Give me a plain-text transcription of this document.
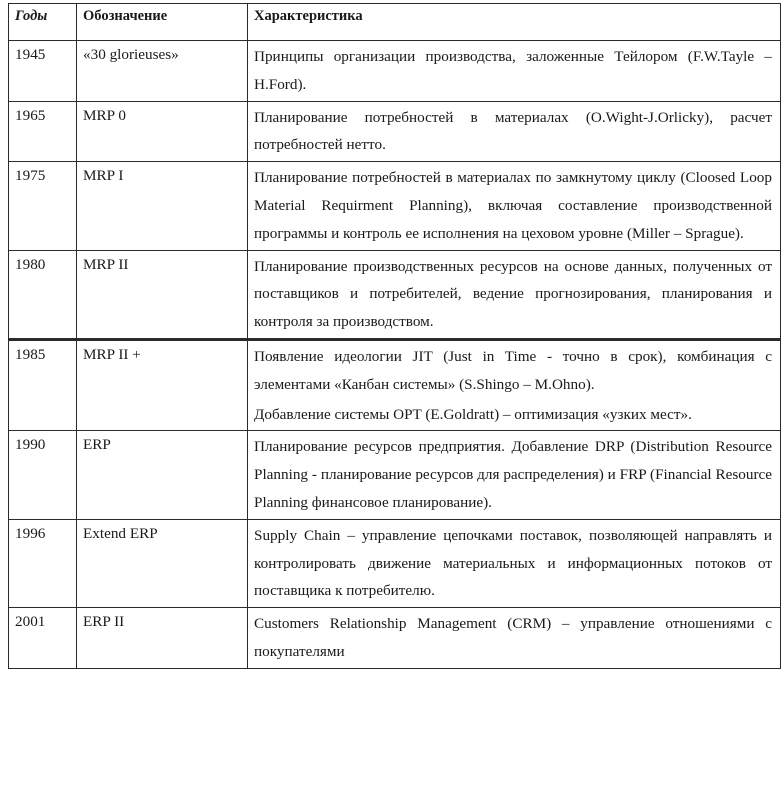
Годы	Обозначение	Характеристика
1945	«30 glorieuses»	Принципы организации производства, заложенные Тейлором (F.W.Tayle – H.Ford).

1965	MRP 0	Планирование потребностей в материалах (O.Wight-J.Orlicky), расчет потребностей нетто.

1975	MRP I	Планирование потребностей в материалах по замкнутому циклу (Cloosed Loop Material Requirment Planning), включая составление производственной программы и контроль ее исполнения на цеховом уровне (Miller – Sprague).

1980	MRP II	Планирование производственных ресурсов на основе данных, полученных от поставщиков и потребителей, ведение прогнозирования, планирования и контроля за производством.

1985	MRP II +	Появление идеологии JIT (Just in Time - точно в срок), комбинация с элементами «Канбан системы» (S.Shingo – M.Ohno).
Добавление системы OPT (E.Goldratt) – оптимизация «узких мест».

1990	ERP	Планирование ресурсов предприятия. Добавление DRP (Distribution Resource Planning - планирование ресурсов для распределения) и FRP (Financial Resource Planning финансовое планирование).

1996	Extend ERP	Supply Chain – управление цепочками поставок, позволяющей направлять и контролировать движение материальных и информационных потоков от поставщика к потребителю.

2001	ERP II	Customers Relationship Management (CRM) – управление отношениями с покупателями
